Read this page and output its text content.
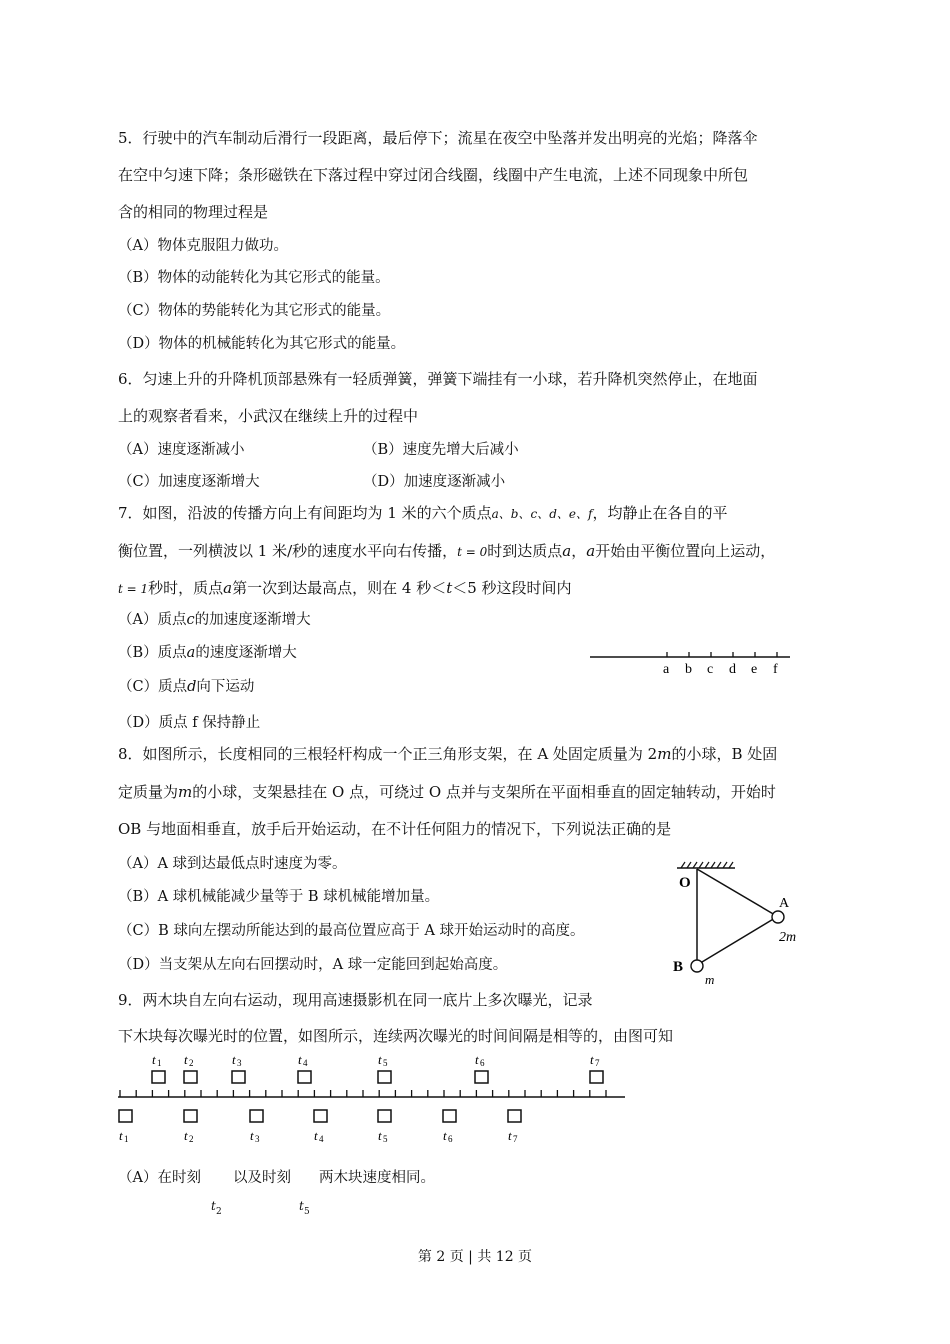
5．行驶中的汽车制动后滑行一段距离，最后停下；流星在夜空中坠落并发出明亮的光焰；降落伞
在空中匀速下降；条形磁铁在下落过程中穿过闭合线圈，线圈中产生电流，上述不同现象中所包
含的相同的物理过程是
（A）物体克服阻力做功。
（B）物体的动能转化为其它形式的能量。
（C）物体的势能转化为其它形式的能量。
（D）物体的机械能转化为其它形式的能量。
6．匀速上升的升降机顶部悬殊有一轻质弹簧，弹簧下端挂有一小球，若升降机突然停止，在地面
上的观察者看来，小武汉在继续上升的过程中
（A）速度逐渐减小	（B）速度先增大后减小
（C）加速度逐渐增大	（D）加速度逐渐减小
7．如图，沿波的传播方向上有间距均为 1 米的六个质点a、b、c、d、e、f，均静止在各自的平
衡位置，一列横波以 1 米/秒的速度水平向右传播，t = 0时到达质点a，a开始由平衡位置向上运动，
t = 1秒时，质点a第一次到达最高点，则在 4 秒＜t＜5 秒这段时间内
（A）质点c的加速度逐渐增大
（B）质点a的速度逐渐增大
（C）质点d向下运动
（D）质点 f 保持静止
a b c d e f
8．如图所示，长度相同的三根轻杆构成一个正三角形支架，在 A 处固定质量为 2m的小球，B 处固
定质量为m的小球，支架悬挂在 O 点，可绕过 O 点并与支架所在平面相垂直的固定轴转动，开始时
OB 与地面相垂直，放手后开始运动，在不计任何阻力的情况下，下列说法正确的是
（A）A 球到达最低点时速度为零。
（B）A 球机械能减少量等于 B 球机械能增加量。
（C）B 球向左摆动所能达到的最高位置应高于 A 球开始运动时的高度。
（D）当支架从左向右回摆动时，A 球一定能回到起始高度。
O
A
2m
B
m
9．两木块自左向右运动，现用高速摄影机在同一底片上多次曝光，记录
下木块每次曝光时的位置，如图所示，连续两次曝光的时间间隔是相等的，由图可知
t 1 t 2	t 3	t 4	t 5	t 6	t 7
t 1	t 2	t 3	t 4	t 5	t 6	t 7
（A）在时刻
t 2
以及时刻
t 5
两木块速度相同。
第 2 页 | 共 12 页
